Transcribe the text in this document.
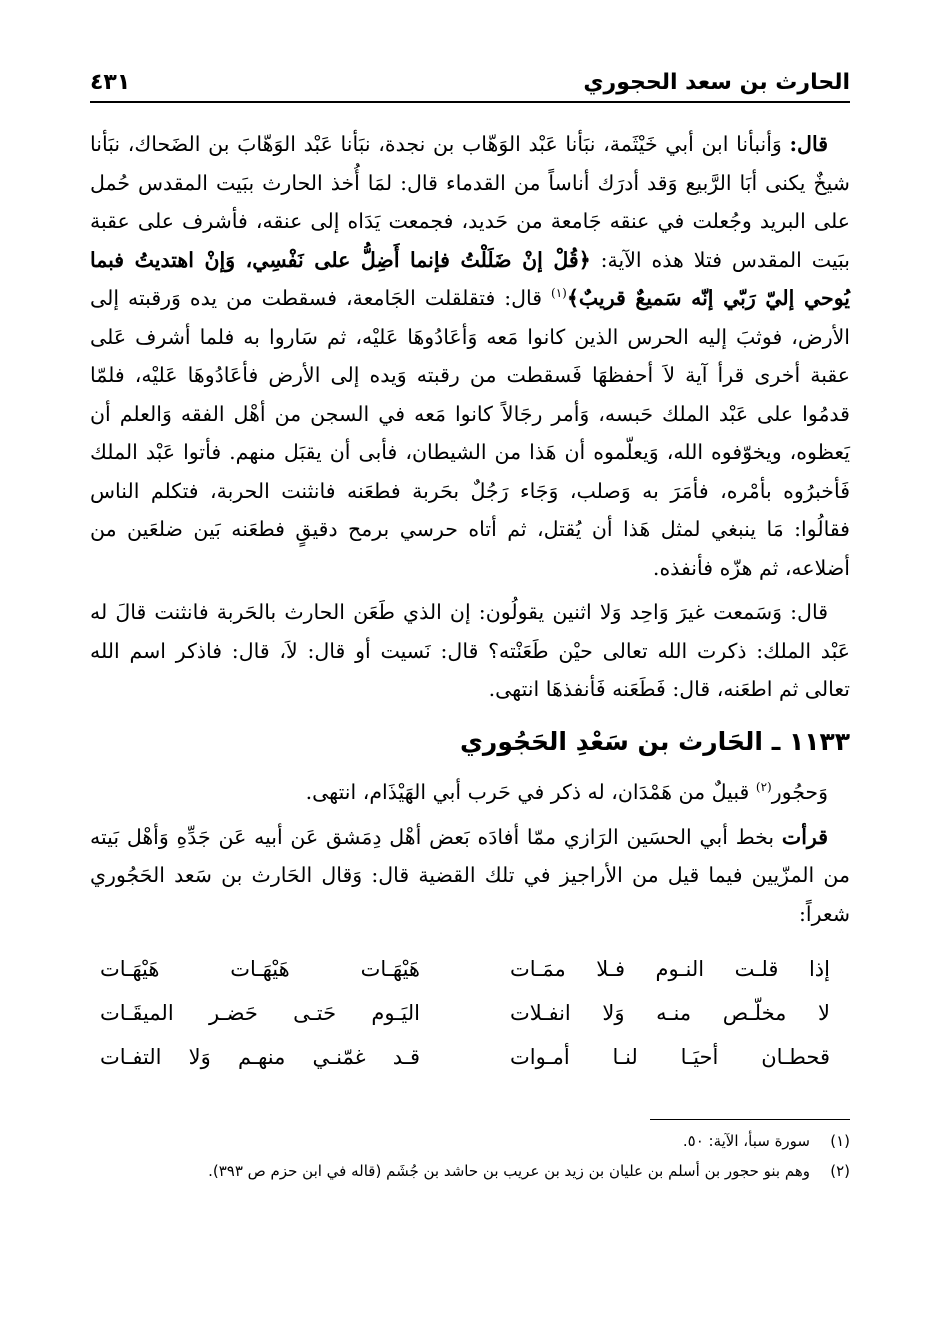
الحارث بن سعد الحجوري
٤٣١

قال: وَأنبأنا ابن أبي خَيْثَمة، نبَأنا عَبْد الوَهّاب بن نجدة، نبَأنا عَبْد الوَهّابَ بن الضَحاك، نبَأنا شيخٌ يكنى أبَا الرَّبيع وَقد أدرَك أناساً من القدماء قال: لمَا أُخذ الحارث ببَيت المقدس حُمل على البريد وجُعلت في عنقه جَامعة من حَديد، فجمعت يَدَاه إلى عنقه، فأشرف على عقبة ببَيت المقدس فتلا هذه الآية: ﴿قُلْ إنْ ضَلَلْتُ فإنما أَضِلُّ على نَفْسِي، وَإنْ اهتديتُ فبما يُوحي إليّ رَبّي إنّه سَميعٌ قريبٌ﴾$^{(١)}$ قال: فتقلقلت الجَامعة، فسقطت من يده وَرقبته إلى الأرض، فوثبَ إليه الحرس الذين كانوا مَعه وَأعَادُوهَا عَليْه، ثم سَاروا به فلما أشرف عَلى عقبة أخرى قرأ آية لاَ أحفظهَا فَسقطت من رقبته وَيده إلى الأرض فأعَادُوهَا عَليْه، فلمّا قدمُوا على عَبْد الملك حَبسه، وَأمر رجَالاً كانوا مَعه في السجن من أهْل الفقه وَالعلم أن يَعظوه، ويخوّفوه الله، وَيعلّموه أن هَذا من الشيطان، فأبى أن يقبَل منهم. فأتوا عَبْد الملك فَأخبرُوه بأمْره، فأمَرَ به وَصلب، وَجَاء رَجُلٌ بحَربة فطعَنه فانثنت الحربة، فتكلم الناس فقالُوا: مَا ينبغي لمثل هَذا أن يُقتل، ثم أتاه حرسي برمح دقيقٍ فطعَنه بَين ضلعَين من أضلاعه، ثم هزّه فأنفذه.

قال: وَسَمعت غيرَ وَاحِد وَلا اثنين يقولُون: إن الذي طَعَن الحارث بالحَربة فانثنت قالَ له عَبْد الملك: ذكرت الله تعالى حيْن طَعَنْته؟ قال: نَسيت أو قال: لاَ، قال: فاذكر اسم الله تعالى ثم اطعَنه، قال: فَطَعَنه فَأنفذهَا انتهى.

١١٣٣ ـ الحَارث بن سَعْدِ الحَجُوري

وَحجُور$^{(٢)}$ قبيلٌ من هَمْدَان، له ذكر في حَرب أبي الهَيْذَام، انتهى.

قرأت بخط أبي الحسَين الرَازي ممّا أفادَه بَعض أهْل دِمَشق عَن أبيه عَن جَدِّهِ وَأهْل بَيته من المزّيين فيما قيل من الأراجيز في تلك القضية قال: وَقال الحَارث بن سَعد الحَجُوري شعراً:

إذا قلـت النـوم فـلا ممَـات
هَيْهَـات هَيْهَـات هَيْهَـات
لا مخلّـص منـه وَلا انفـلات
اليَـوم حَتـى حَضـر الميقَـات
قحطـان أحيَـا لنـا أمـوات
قـد غمّنـي منهـم وَلا التفـات
(١)
سورة سبأ، الآية: ٥٠.
(٢)
وهم بنو حجور بن أسلم بن عليان بن زيد بن عريب بن حاشد بن جُشَم (قاله في ابن حزم ص ٣٩٣).
